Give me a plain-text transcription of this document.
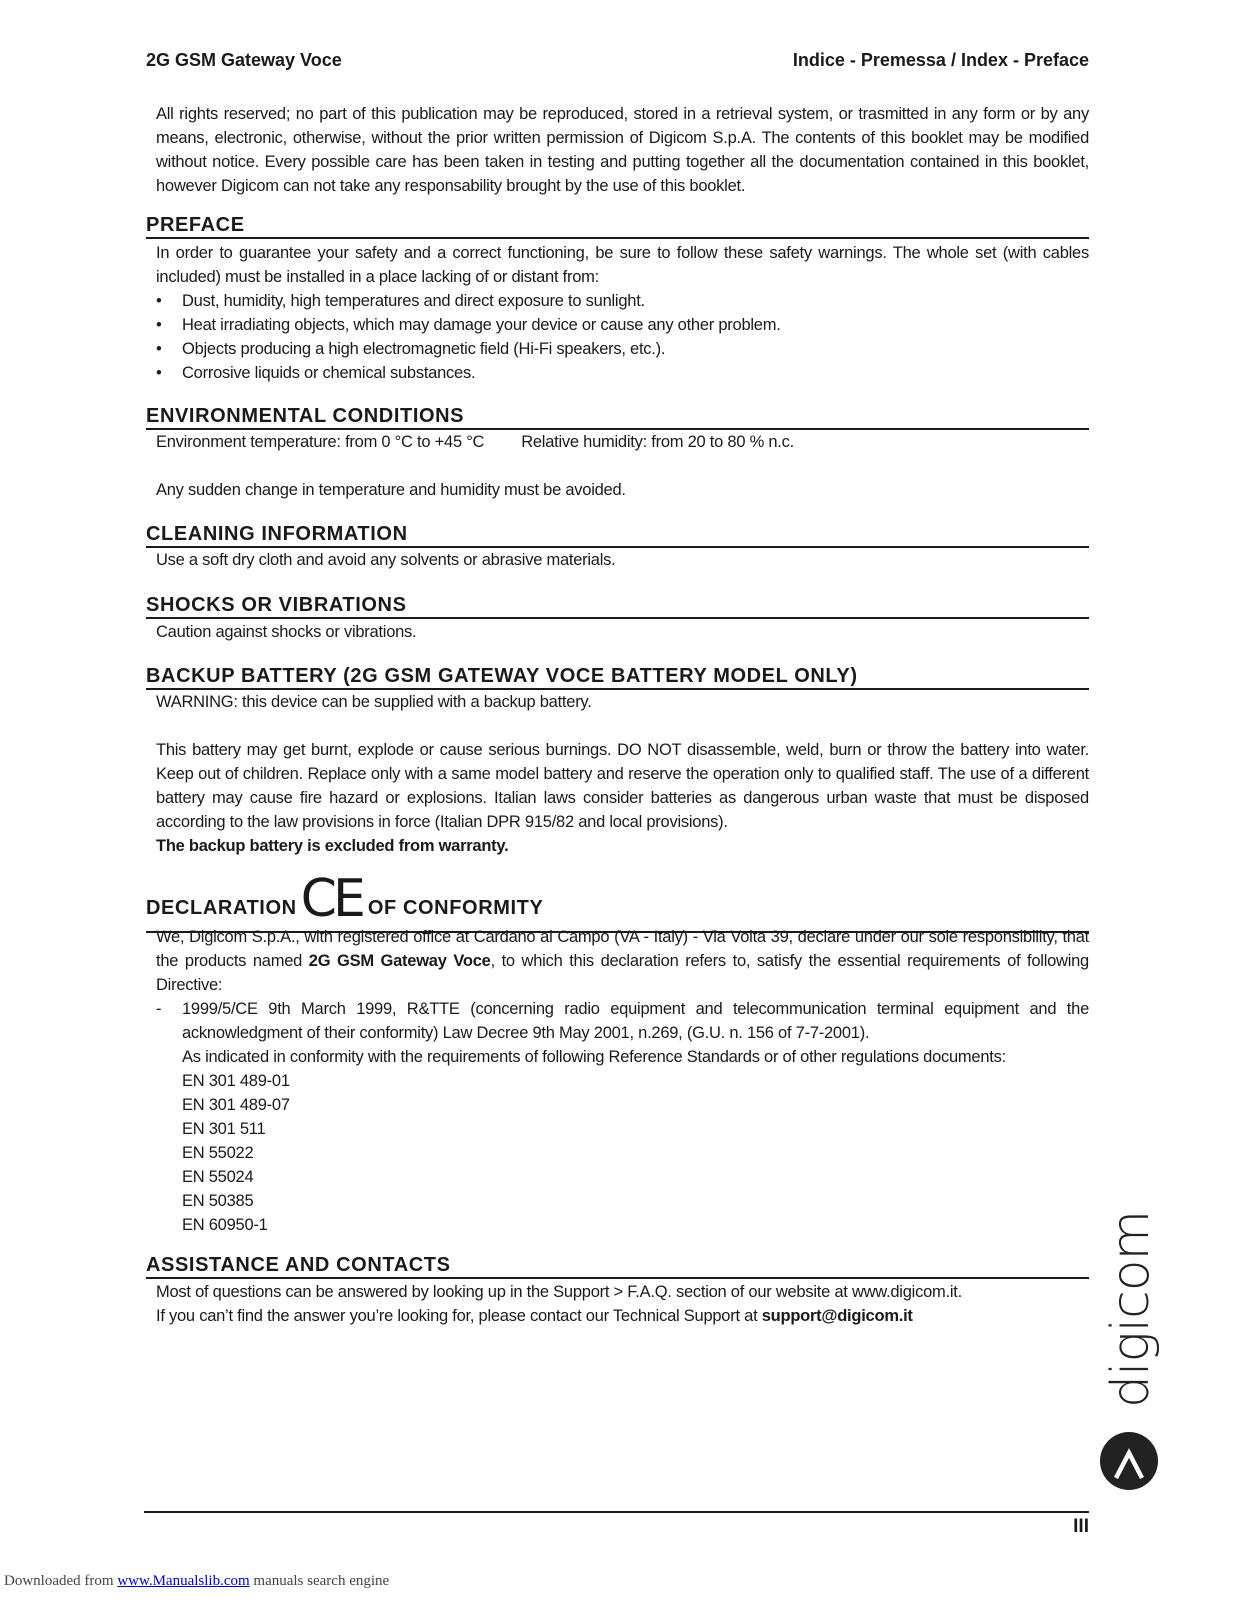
2G GSM Gateway Voce	Indice - Premessa / Index - Preface
All rights reserved; no part of this publication may be reproduced, stored in a retrieval system, or trasmitted in any form or by any means, electronic, otherwise, without the prior written permission of Digicom S.p.A. The contents of this booklet may be modified without notice. Every possible care has been taken in testing and putting together all the documentation contained in this booklet, however Digicom can not take any responsability brought by the use of this booklet.
PREFACE

In order to guarantee your safety and a correct functioning, be sure to follow these safety warnings. The whole set (with cables included) must be installed in a place lacking of or distant from:

• Dust, humidity, high temperatures and direct exposure to sunlight.
• Heat irradiating objects, which may damage your device or cause any other problem.
• Objects producing a high electromagnetic field (Hi-Fi speakers, etc.).
• Corrosive liquids or chemical substances.
ENVIRONMENTAL CONDITIONS

Environment temperature: from 0 °C to +45 °C Relative humidity: from 20 to 80 % n.c.

Any sudden change in temperature and humidity must be avoided.

CLEANING INFORMATION
Use a soft dry cloth and avoid any solvents or abrasive materials.
SHOCKS OR VIBRATIONS
Caution against shocks or vibrations.
BACKUP BATTERY (2G GSM GATEWAY VOCE BATTERY MODEL ONLY)

WARNING: this device can be supplied with a backup battery.

This battery may get burnt, explode or cause serious burnings. DO NOT disassemble, weld, burn or throw the battery into water. Keep out of children. Replace only with a same model battery and reserve the operation only to qualified staff. The use of a different battery may cause fire hazard or explosions. Italian laws consider batteries as dangerous urban waste that must be disposed according to the law provisions in force (Italian DPR 915/82 and local provisions).

The backup battery is excluded from warranty.

DECLARATIONCE OF CONFORMITY

We, Digicom S.p.A., with registered office at Cardano al Campo (VA - Italy) - Via Volta 39, declare under our sole responsibility, that the products named 2G GSM Gateway Voce, to which this declaration refers to, satisfy the essential requirements of following Directive:

- 1999/5/CE 9th March 1999, R&TTE (concerning radio equipment and telecommunication terminal equipment and the acknowledgment of their conformity) Law Decree 9th May 2001, n.269, (G.U. n. 156 of 7-7-2001).

As indicated in conformity with the requirements of following Reference Standards or of other regulations documents:

EN 301 489-01

EN 301 489-07

EN 301 511

EN 55022

EN 55024

EN 50385

EN 60950-1

ASSISTANCE AND CONTACTS

Most of questions can be answered by looking up in the Support > F.A.Q. section of our website at www.digicom.it.

If you can’t find the answer you’re looking for, please contact our Technical Support at support@digicom.it	digicom
III
Downloaded from www.Manualslib.com manuals search engine
